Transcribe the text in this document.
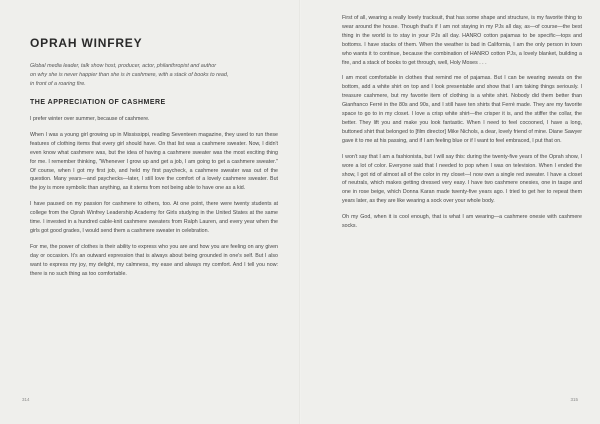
OPRAH WINFREY
Global media leader, talk show host, producer, actor, philanthropist and author
on why she is never happier than she is in cashmere, with a stack of books to read,
in front of a roaring fire.
THE APPRECIATION OF CASHMERE

I prefer winter over summer, because of cashmere.

When I was a young girl growing up in Mississippi, reading Seventeen magazine, they used to run these features of clothing items that every girl should have. On that list was a cashmere sweater. Now, I didn't even know what cashmere was, but the idea of having a cashmere sweater was the most exciting thing for me. I remember thinking, "Whenever I grow up and get a job, I am going to get a cashmere sweater." Of course, when I got my first job, and held my first paycheck, a cashmere sweater was out of the question. Many years—and paychecks—later, I still love the comfort of a lovely cashmere sweater. But the joy is more symbolic than anything, as it stems from not being able to have one as a kid.

I have paused on my passion for cashmere to others, too. At one point, there were twenty students at college from the Oprah Winfrey Leadership Academy for Girls studying in the United States at the same time. I invested in a hundred cable-knit cashmere sweaters from Ralph Lauren, and every year when the girls got good grades, I would send them a cashmere sweater in celebration.

For me, the power of clothes is their ability to express who you are and how you are feeling on any given day or occasion. It's an outward expression that is always about being grounded in one's self. But I also want to express my joy, my delight, my calmness, my ease and always my comfort. And I tell you now: there is no such thing as too comfortable.

314

First of all, wearing a really lovely tracksuit, that has some shape and structure, is my favorite thing to wear around the house. Though that's if I am not staying in my PJs all day, as—of course—the best thing in the world is to stay in your PJs all day. HANRO cotton pajamas to be specific—tops and bottoms. I have stacks of them. When the weather is bad in California, I am the only person in town who wants it to continue, because the combination of HANRO cotton PJs, a lovely blanket, building a fire, and a stack of books to get through, well, Holy Moses . . .

I am most comfortable in clothes that remind me of pajamas. But I can be wearing sweats on the bottom, add a white shirt on top and I look presentable and show that I am taking things seriously. I treasure cashmere, but my favorite item of clothing is a white shirt. Nobody did them better than Gianfranco Ferré in the 80s and 90s, and I still have ten shirts that Ferré made. They are my favorite space to go to in my closet. I love a crisp white shirt—the crisper it is, and the stiffer the collar, the better. They lift you and make you look fantastic. When I need to feel cocooned, I have a long, buttoned shirt that belonged to [film director] Mike Nichols, a dear, lovely friend of mine. Diane Sawyer gave it to me at his passing, and if I am feeling blue or if I want to feel embraced, I put that on.

I won't say that I am a fashionista, but I will say this: during the twenty-five years of the Oprah show, I wore a lot of color. Everyone said that I needed to pop when I was on television. When I ended the show, I got rid of almost all of the color in my closet—I now own a single red sweater. I have a closet of neutrals, which makes getting dressed very easy. I have two cashmere onesies, one in taupe and one in rose beige, which Donna Karan made twenty-five years ago. I tried to get her to repeat them years later, as they are like wearing a sock over your whole body.

Oh my God, when it is cool enough, that is what I am wearing—a cashmere onesie with cashmere socks.

315
